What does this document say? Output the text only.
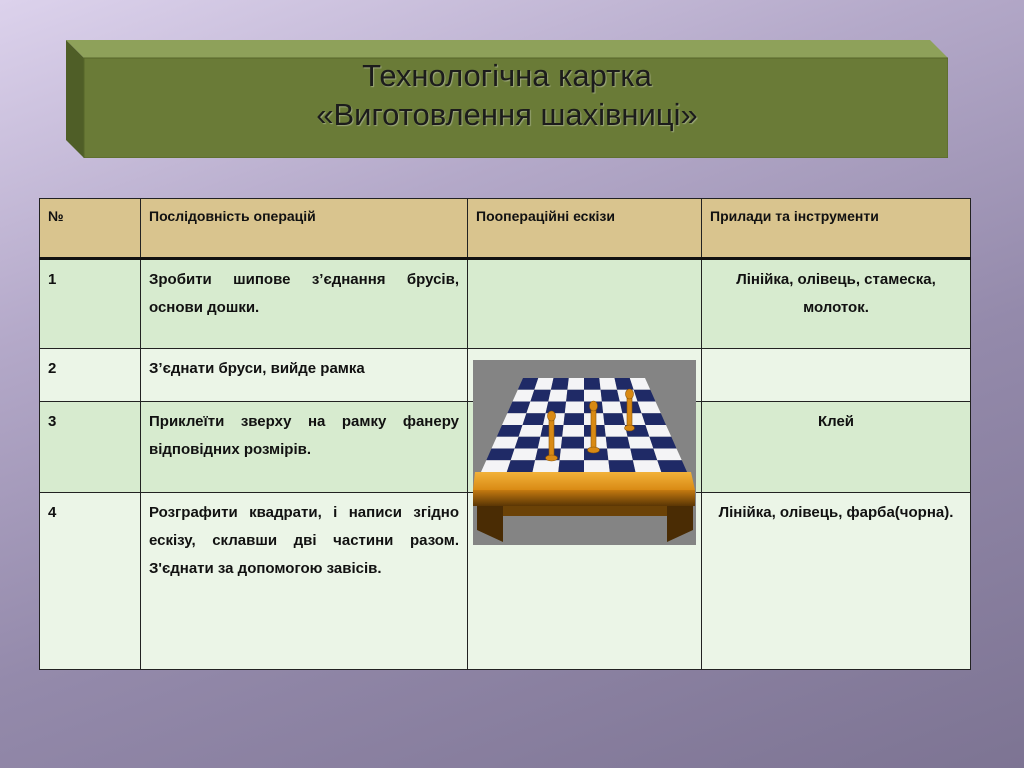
Технологічна картка
«Виготовлення шахівниці»
№	Послідовність операцій	Поопераційні ескізи	Прилади та інструменти
1	Зробити шипове з’єднання брусів, основи дошки.		Лінійка, олівець, стамеска, молоток.
2	З’єднати бруси, вийде рамка		
3	Приклеїти зверху на рамку фанеру відповідних розмірів.		Клей
4	Розграфити квадрати, і написи згідно ескізу, склавши дві частини разом. З'єднати за допомогою завісів.		Лінійка, олівець, фарба(чорна).
